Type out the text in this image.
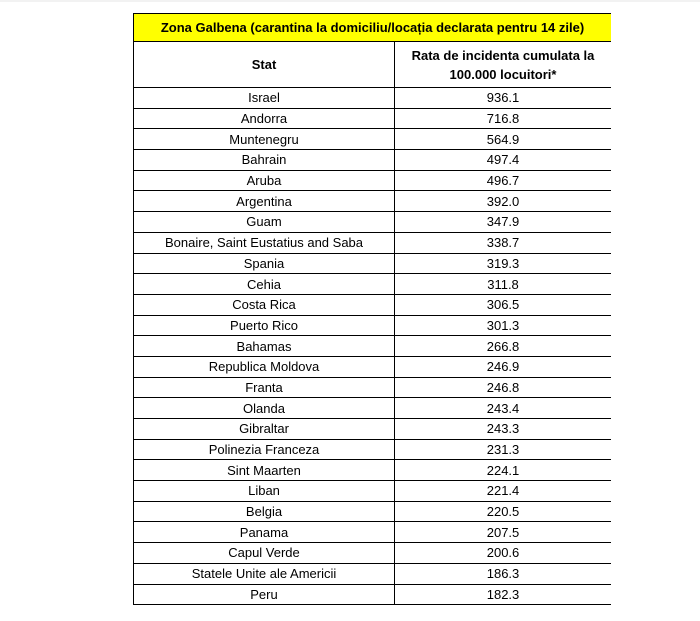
Zona Galbena (carantina la domiciliu/locația declarata pentru 14 zile)	
Stat	Rata de incidenta cumulata la
100.000 locuitori*
Israel	936.1
Andorra	716.8
Muntenegru	564.9
Bahrain	497.4
Aruba	496.7
Argentina	392.0
Guam	347.9
Bonaire, Saint Eustatius and Saba	338.7
Spania	319.3
Cehia	311.8
Costa Rica	306.5
Puerto Rico	301.3
Bahamas	266.8
Republica Moldova	246.9
Franta	246.8
Olanda	243.4
Gibraltar	243.3
Polinezia Franceza	231.3
Sint Maarten	224.1
Liban	221.4
Belgia	220.5
Panama	207.5
Capul Verde	200.6
Statele Unite ale Americii	186.3
Peru	182.3
